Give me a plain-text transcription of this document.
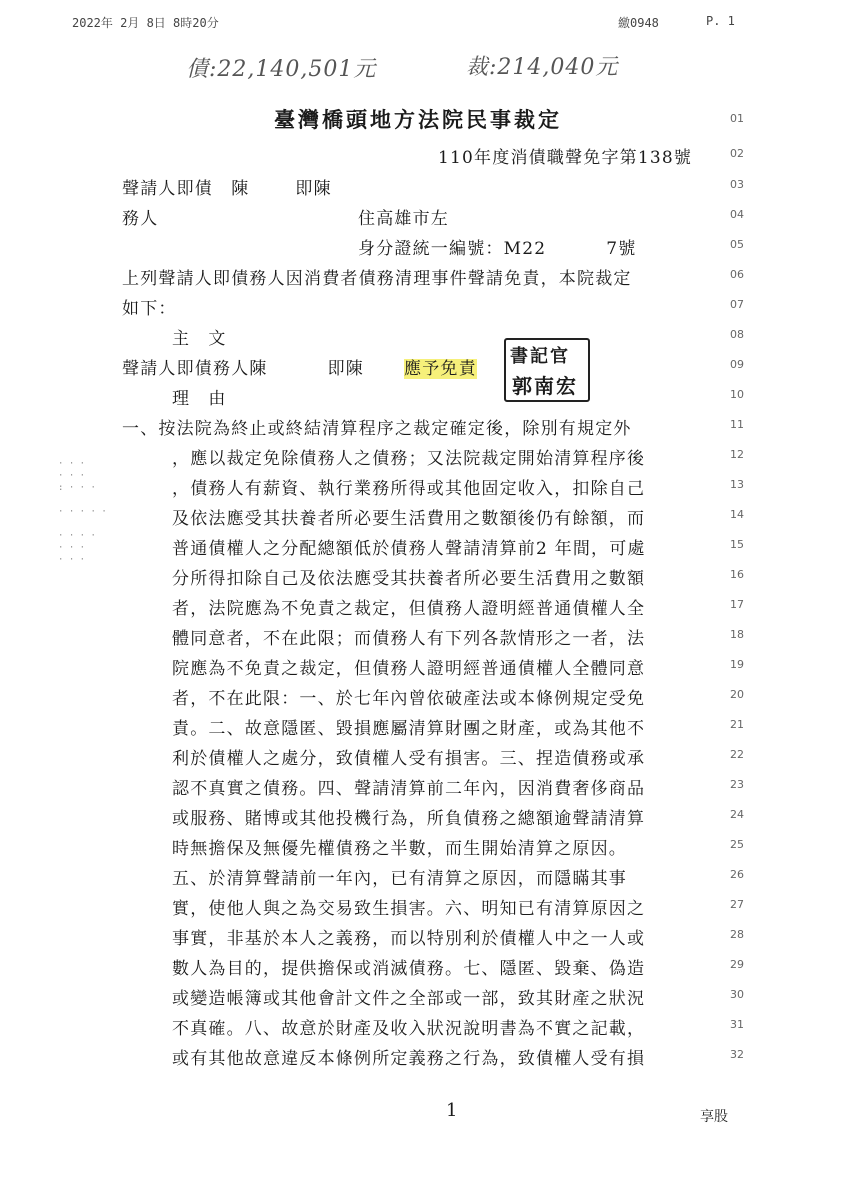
2022年 2月 8日 8時20分	繳0948	P. 1
債:22,140,501元	裁:214,040元
臺灣橋頭地方法院民事裁定
110年度消債職聲免字第138號
聲請人即債　陳	即陳
務人	住高雄市左
身分證統一編號：M22	7號
上列聲請人即債務人因消費者債務清理事件聲請免責，本院裁定
如下：
主　文
聲請人即債務人陳	即陳 應予免責
書記官
郭南宏
理　由
一、按法院為終止或終結清算程序之裁定確定後，除別有規定外
，應以裁定免除債務人之債務；又法院裁定開始清算程序後
，債務人有薪資、執行業務所得或其他固定收入，扣除自己
及依法應受其扶養者所必要生活費用之數額後仍有餘額，而
普通債權人之分配總額低於債務人聲請清算前2 年間，可處
分所得扣除自己及依法應受其扶養者所必要生活費用之數額
者，法院應為不免責之裁定，但債務人證明經普通債權人全
體同意者，不在此限；而債務人有下列各款情形之一者，法
院應為不免責之裁定，但債務人證明經普通債權人全體同意
者，不在此限：一、於七年內曾依破產法或本條例規定受免
責。二、故意隱匿、毀損應屬清算財團之財產，或為其他不
利於債權人之處分，致債權人受有損害。三、捏造債務或承
認不真實之債務。四、聲請清算前二年內，因消費奢侈商品
或服務、賭博或其他投機行為，所負債務之總額逾聲請清算
時無擔保及無優先權債務之半數，而生開始清算之原因。
五、於清算聲請前一年內，已有清算之原因，而隱瞞其事
實，使他人與之為交易致生損害。六、明知已有清算原因之
事實，非基於本人之義務，而以特別利於債權人中之一人或
數人為目的，提供擔保或消滅債務。七、隱匿、毀棄、偽造
或變造帳簿或其他會計文件之全部或一部，致其財產之狀況
不真確。八、故意於財產及收入狀況說明書為不實之記載，
或有其他故意違反本條例所定義務之行為，致債權人受有損
01
02
03
04
05
06
07
08
09
10
11
12
13
14
15
16
17
18
19
20
21
22
23
24
25
26
27
28
29
30
31
32
· · ·
· · ·
: · · ·

· · · · ·

· · · ·
· · ·
· · ·
1	享股
